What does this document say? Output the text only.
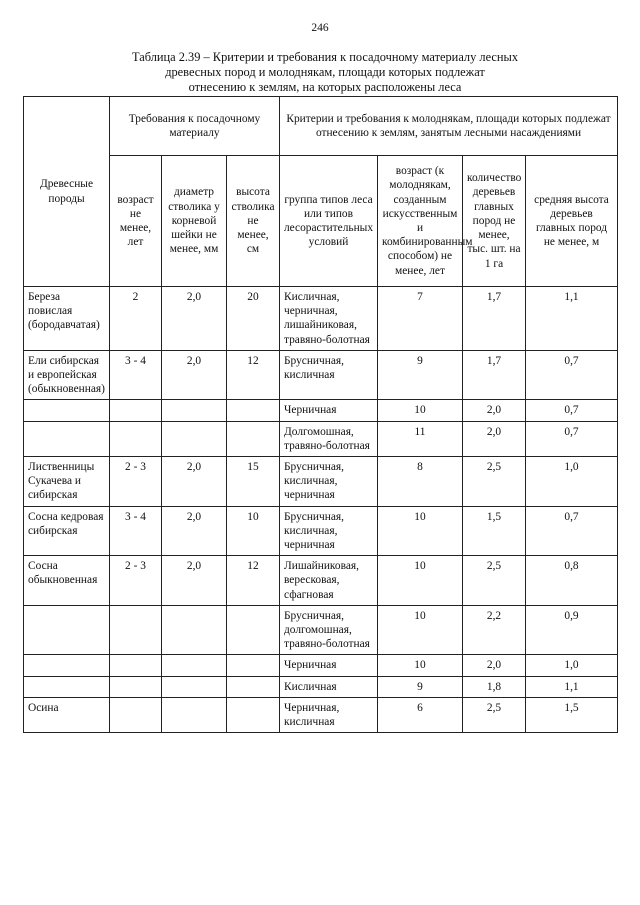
246
Таблица 2.39 – Критерии и требования к посадочному материалу лесных
древесных пород и молоднякам, площади которых подлежат
отнесению к землям, на которых расположены леса
Древесные породы	Требования к посадочному материалу			Критерии и требования к молоднякам, площади которых подлежат отнесению к землям, занятым лесными насаждениями			
	возраст не менее, лет	диаметр стволика у корневой шейки не менее, мм	высота стволика не менее, см	группа типов леса или типов лесорастительных условий	возраст (к молоднякам, созданным искусственным и комбинированным способом) не менее, лет	количество деревьев главных пород не менее, тыс. шт. на 1 га	средняя высота деревьев главных пород не менее, м
Береза повислая (бородавчатая)	2	2,0	20	Кисличная, черничная, лишайниковая, травяно-болотная	7	1,7	1,1
Ели сибирская и европейская (обыкновенная)	3 - 4	2,0	12	Брусничная, кисличная	9	1,7	0,7
				Черничная	10	2,0	0,7
				Долгомошная, травяно-болотная	11	2,0	0,7
Лиственницы Сукачева и сибирская	2 - 3	2,0	15	Брусничная, кисличная, черничная	8	2,5	1,0
Сосна кедровая сибирская	3 - 4	2,0	10	Брусничная, кисличная, черничная	10	1,5	0,7
Сосна обыкновенная	2 - 3	2,0	12	Лишайниковая, вересковая, сфагновая	10	2,5	0,8
				Брусничная, долгомошная, травяно-болотная	10	2,2	0,9
				Черничная	10	2,0	1,0
				Кисличная	9	1,8	1,1
Осина				Черничная, кисличная	6	2,5	1,5
